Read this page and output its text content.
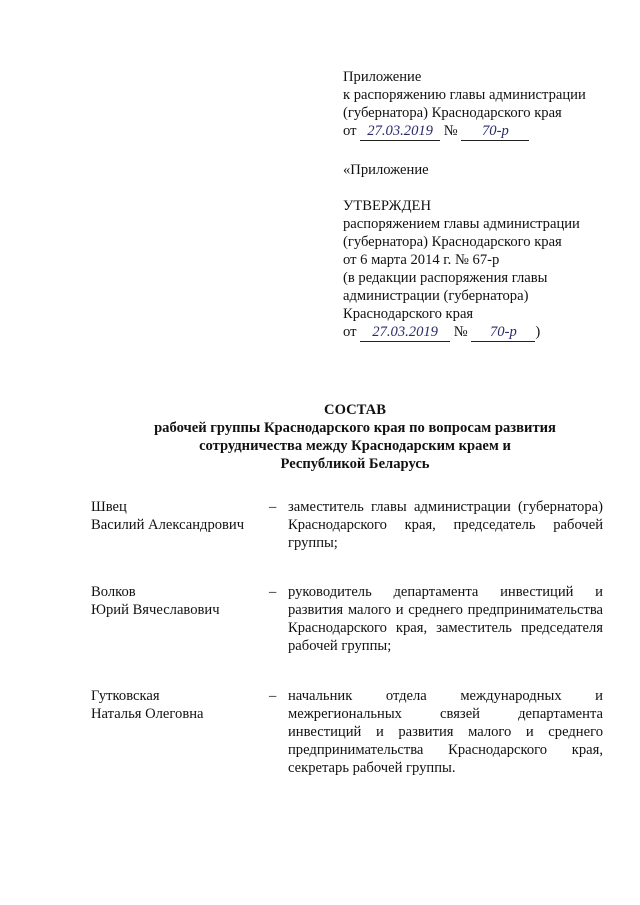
Приложение
к распоряжению главы администрации
(губернатора) Краснодарского края
от 27.03.2019 № 70-р
«Приложение
УТВЕРЖДЕН
распоряжением главы администрации
(губернатора) Краснодарского края
от 6 марта 2014 г. № 67-р
(в редакции распоряжения главы
администрации (губернатора)
Краснодарского края
от 27.03.2019 № 70-р )
СОСТАВ
рабочей группы Краснодарского края по вопросам развития
сотрудничества между Краснодарским краем и
Республикой Беларусь
Швец
Василий Александрович
– заместитель главы администрации (губернатора) Краснодарского края, председатель рабочей группы;
Волков
Юрий Вячеславович
– руководитель департамента инвестиций и развития малого и среднего предпринимательства Краснодарского края, заместитель председателя рабочей группы;
Гутковская
Наталья Олеговна
– начальник отдела международных и межрегиональных связей департамента инвестиций и развития малого и среднего предпринимательства Краснодарского края, секретарь рабочей группы.
